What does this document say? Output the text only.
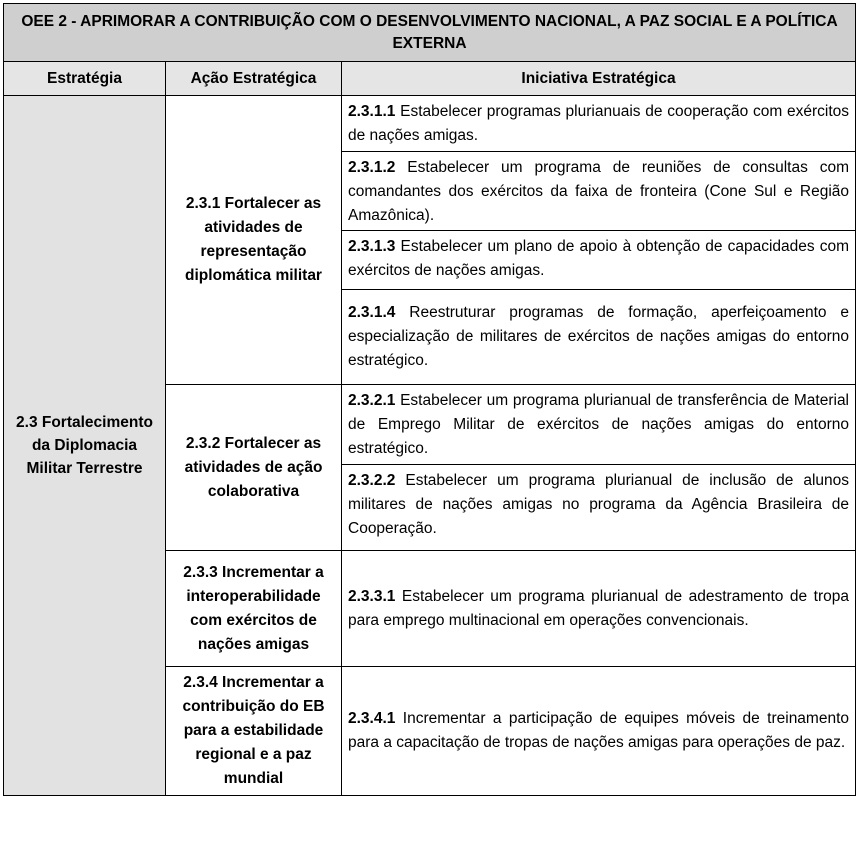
OEE 2 - APRIMORAR A CONTRIBUIÇÃO COM O DESENVOLVIMENTO NACIONAL, A PAZ SOCIAL E A POLÍTICA EXTERNA		
Estratégia	Ação Estratégica	Iniciativa Estratégica
2.3 Fortalecimento da Diplomacia Militar Terrestre	2.3.1 Fortalecer as atividades de representação diplomática militar	2.3.1.1 Estabelecer programas plurianuais de cooperação com exércitos de nações amigas.
		2.3.1.2 Estabelecer um programa de reuniões de consultas com comandantes dos exércitos da faixa de fronteira (Cone Sul e Região Amazônica).
		2.3.1.3 Estabelecer um plano de apoio à obtenção de capacidades com exércitos de nações amigas.
		2.3.1.4 Reestruturar programas de formação, aperfeiçoamento e especialização de militares de exércitos de nações amigas do entorno estratégico.
	2.3.2 Fortalecer as atividades de ação colaborativa	2.3.2.1 Estabelecer um programa plurianual de transferência de Material de Emprego Militar de exércitos de nações amigas do entorno estratégico.
		2.3.2.2 Estabelecer um programa plurianual de inclusão de alunos militares de nações amigas no programa da Agência Brasileira de Cooperação.
	2.3.3 Incrementar a interoperabilidade com exércitos de nações amigas	2.3.3.1 Estabelecer um programa plurianual de adestramento de tropa para emprego multinacional em operações convencionais.
	2.3.4 Incrementar a contribuição do EB para a estabilidade regional e a paz mundial	2.3.4.1 Incrementar a participação de equipes móveis de treinamento para a capacitação de tropas de nações amigas para operações de paz.
